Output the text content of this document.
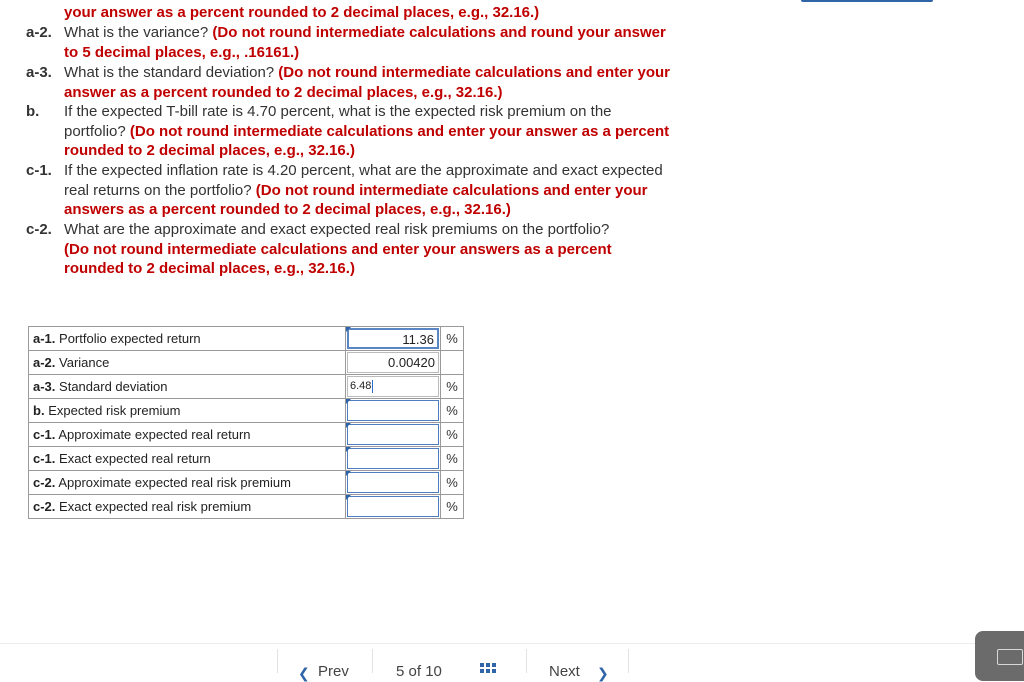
your answer as a percent rounded to 2 decimal places, e.g., 32.16.)
a-2. What is the variance? (Do not round intermediate calculations and round your answer to 5 decimal places, e.g., .16161.)
a-3. What is the standard deviation? (Do not round intermediate calculations and enter your answer as a percent rounded to 2 decimal places, e.g., 32.16.)
b. If the expected T-bill rate is 4.70 percent, what is the expected risk premium on the portfolio? (Do not round intermediate calculations and enter your answer as a percent rounded to 2 decimal places, e.g., 32.16.)
c-1. If the expected inflation rate is 4.20 percent, what are the approximate and exact expected real returns on the portfolio? (Do not round intermediate calculations and enter your answers as a percent rounded to 2 decimal places, e.g., 32.16.)
c-2. What are the approximate and exact expected real risk premiums on the portfolio?
(Do not round intermediate calculations and enter your answers as a percent rounded to 2 decimal places, e.g., 32.16.)
a-1. Portfolio expected return	11.36	%
a-2. Variance	0.00420	

a-3. Standard deviation	6.48	%
b. Expected risk premium		%
c-1. Approximate expected real return		%
c-1. Exact expected real return		%
c-2. Approximate expected real risk premium		%
c-2. Exact expected real risk premium		%
❮ Prev	5 of 10	Next ❯
